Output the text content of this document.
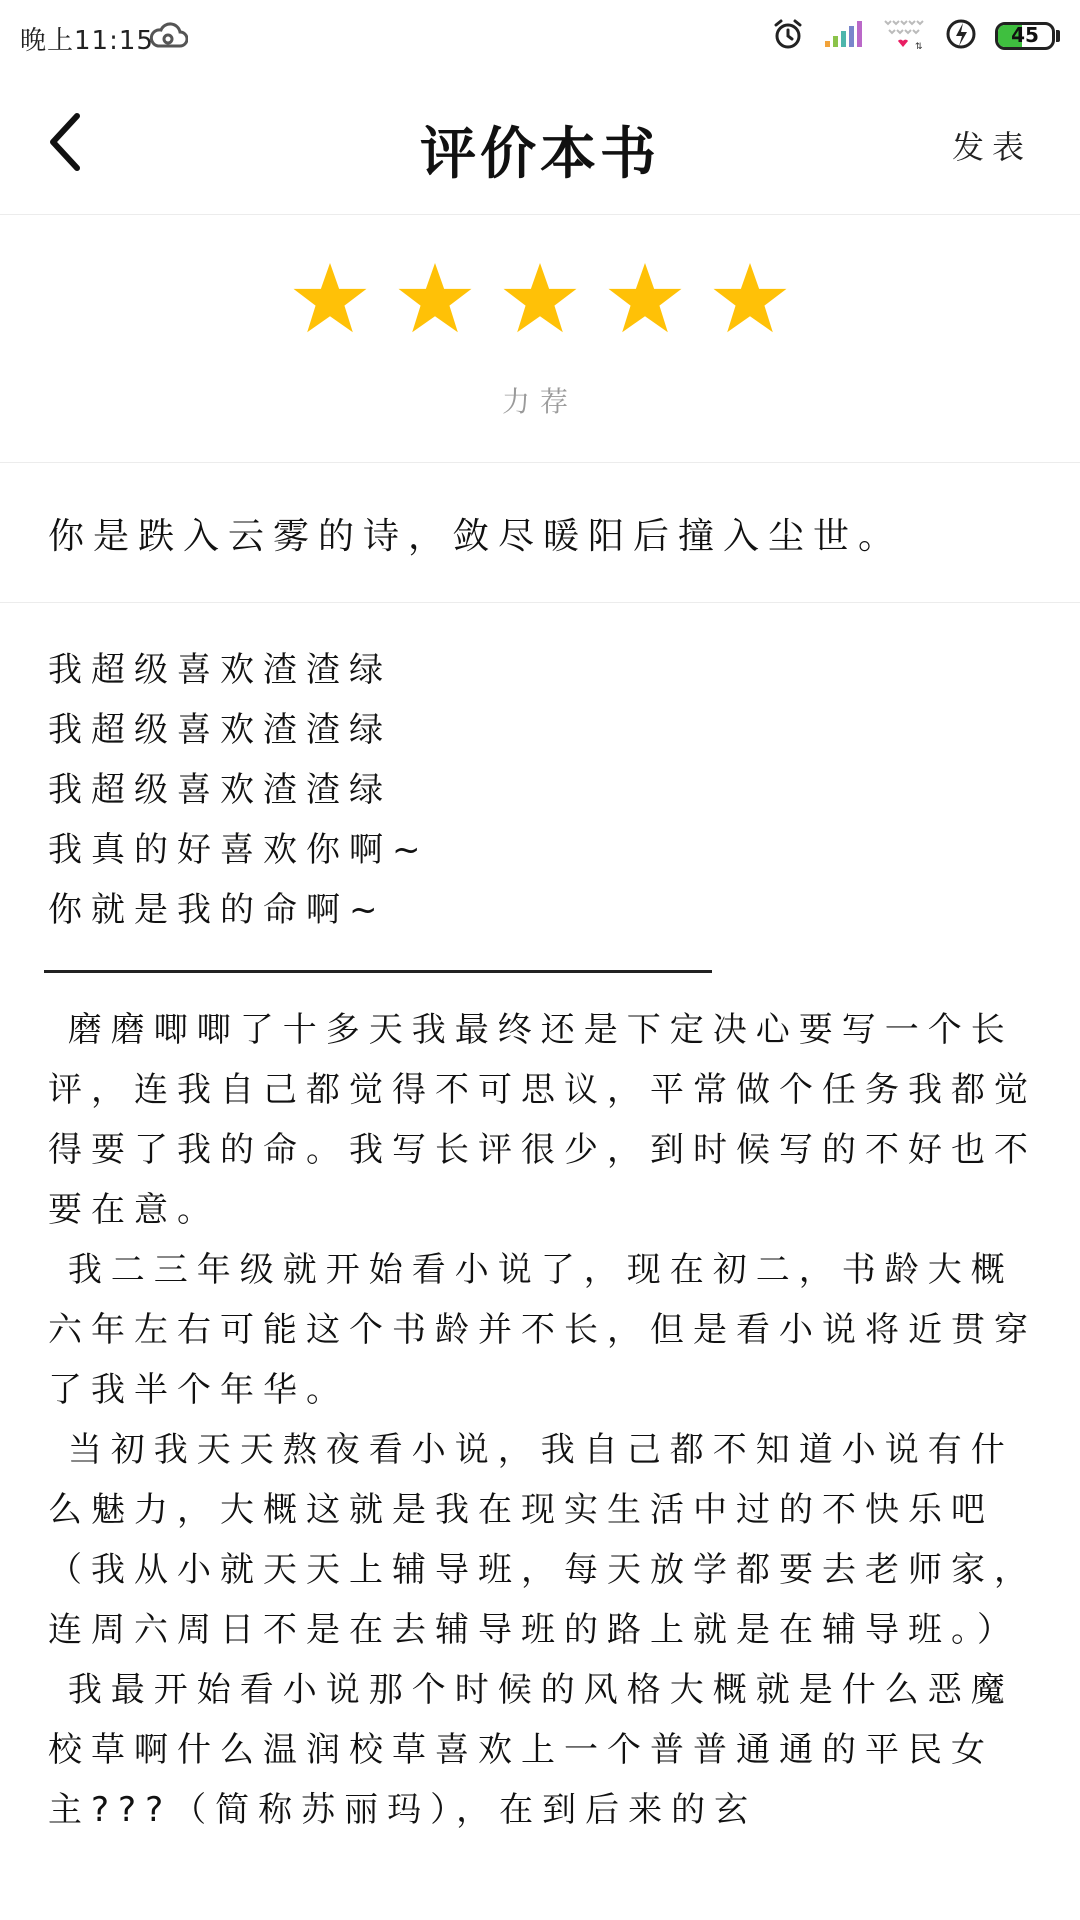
晚上11:15	⇅	45
评价本书	发表
力荐
你是跌入云雾的诗，敛尽暖阳后撞入尘世。

我超级喜欢渣渣绿

我超级喜欢渣渣绿

我超级喜欢渣渣绿

我真的好喜欢你啊~

你就是我的命啊~

磨磨唧唧了十多天我最终还是下定决心要写一个长评，连我自己都觉得不可思议，平常做个任务我都觉得要了我的命。我写长评很少，到时候写的不好也不要在意。

我二三年级就开始看小说了，现在初二，书龄大概六年左右可能这个书龄并不长，但是看小说将近贯穿了我半个年华。

当初我天天熬夜看小说，我自己都不知道小说有什么魅力，大概这就是我在现实生活中过的不快乐吧（我从小就天天上辅导班，每天放学都要去老师家，连周六周日不是在去辅导班的路上就是在辅导班。）

我最开始看小说那个时候的风格大概就是什么恶魔校草啊什么温润校草喜欢上一个普普通通的平民女主???（简称苏丽玛），在到后来的玄
